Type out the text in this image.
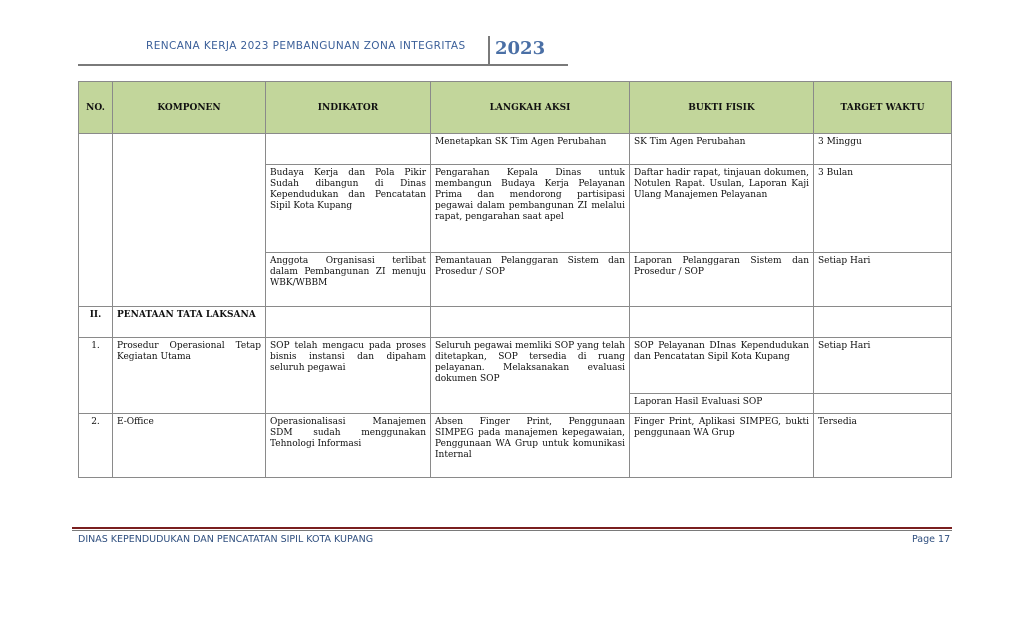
RENCANA KERJA 2023 PEMBANGUNAN ZONA INTEGRITAS 2023
NO.	KOMPONEN	INDIKATOR	LANGKAH AKSI	BUKTI FISIK	TARGET WAKTU
			Menetapkan SK Tim Agen Perubahan	SK Tim Agen Perubahan	3 Minggu
		Budaya Kerja dan Pola Pikir Sudah dibangun di Dinas Kependudukan dan Pencatatan Sipil Kota Kupang	Pengarahan Kepala Dinas untuk membangun Budaya Kerja Pelayanan Prima dan mendorong partisipasi pegawai dalam pembangunan ZI melalui rapat, pengarahan saat apel	Daftar hadir rapat, tinjauan dokumen, Notulen Rapat. Usulan, Laporan Kaji Ulang Manajemen Pelayanan	3 Bulan
		Anggota Organisasi terlibat dalam Pembangunan ZI menuju WBK/WBBM	Pemantauan Pelanggaran Sistem dan Prosedur / SOP	Laporan Pelanggaran Sistem dan Prosedur / SOP	Setiap Hari
II.	PENATAAN TATA LAKSANA				
1.	Prosedur Operasional Tetap Kegiatan Utama	SOP telah mengacu pada proses bisnis instansi dan dipaham seluruh pegawai	Seluruh pegawai memliki SOP yang telah ditetapkan, SOP tersedia di ruang pelayanan. Melaksanakan evaluasi dokumen SOP	SOP Pelayanan DInas Kependudukan dan Pencatatan Sipil Kota Kupang	Setiap Hari
				Laporan Hasil Evaluasi SOP	
2.	E-Office	Operasionalisasi Manajemen SDM sudah menggunakan Tehnologi Informasi	Absen Finger Print, Penggunaan SIMPEG pada manajemen kepegawaian, Penggunaan WA Grup untuk komunikasi Internal	Finger Print, Aplikasi SIMPEG, bukti penggunaan WA Grup	Tersedia
DINAS KEPENDUDUKAN DAN PENCATATAN SIPIL KOTA KUPANG	Page 17
